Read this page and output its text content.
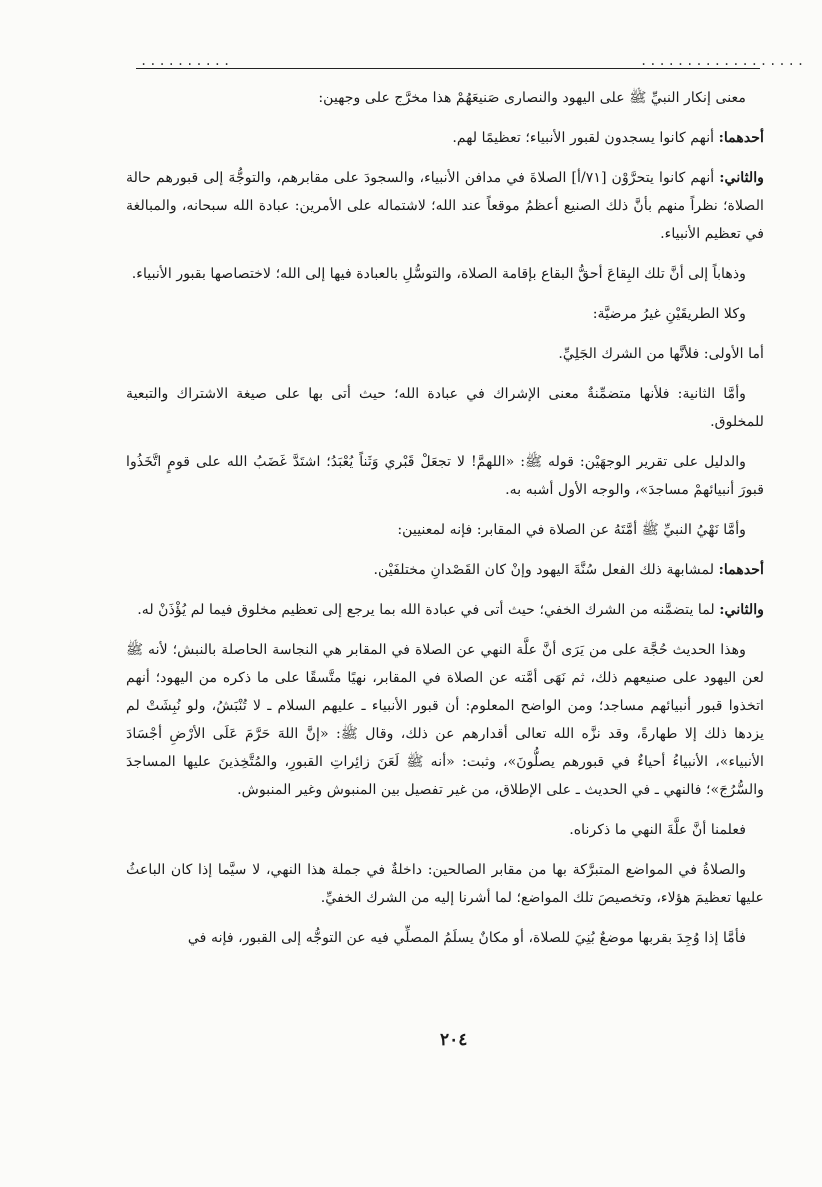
..........	..................

معنى إنكار النبيِّ ﷺ على اليهود والنصارى صَنيعَهُمْ هذا مخرَّج على وجهين:

أحدهما: أنهم كانوا يسجدون لقبور الأنبياء؛ تعظيمًا لهم.

والثاني: أنهم كانوا يتحرَّوْن [٧١/أ] الصلاةَ في مدافن الأنبياء، والسجودَ على مقابرهم، والتوجُّهَ إلى قبورهم حالة الصلاة؛ نظراً منهم بأنَّ ذلك الصنيع أعظمُ موقعاً عند الله؛ لاشتماله على الأمرين: عبادة الله سبحانه، والمبالغة في تعظيم الأنبياء.

وذهاباً إلى أنَّ تلك البِقاعَ أحقُّ البقاع بإقامة الصلاة، والتوسُّلِ بالعبادة فيها إلى الله؛ لاختصاصها بقبور الأنبياء.

وكلا الطريقَيْنِ غيرُ مرضيَّة:

أما الأولى: فلأنَّها من الشرك الجَلِيِّ.

وأمَّا الثانية: فلأنها متضمِّنةٌ معنى الإشراك في عبادة الله؛ حيث أتى بها على صيغة الاشتراك والتبعية للمخلوق.

والدليل على تقرير الوجهَيْن: قوله ﷺ: «اللهمَّ! لا تجعَلْ قَبْري وَثَناً يُعْبَدُ؛ اشتَدَّ غَضَبُ الله على قومٍ اتَّخَذُوا قبورَ أنبيائهمْ مساجدَ»، والوجه الأول أشبه به.

وأمَّا نَهْيُ النبيِّ ﷺ أمَّتَهُ عن الصلاة في المقابر: فإنه لمعنيين:

أحدهما: لمشابهة ذلك الفعل سُنَّةَ اليهود وإنْ كان القَصْدانِ مختلفَيْن.

والثاني: لما يتضمَّنه من الشرك الخفي؛ حيث أتى في عبادة الله بما يرجع إلى تعظيم مخلوق فيما لم يُؤْذَنْ له.

وهذا الحديث حُجَّة على من يَرَى أنَّ علَّة النهي عن الصلاة في المقابر هي النجاسة الحاصلة بالنبش؛ لأنه ﷺ لعن اليهود على صنيعهم ذلك، ثم نَهَى أمَّته عن الصلاة في المقابر، نهيًا متَّسقًا على ما ذكره من اليهود؛ أنهم اتخذوا قبور أنبيائهم مساجد؛ ومن الواضح المعلوم: أن قبور الأنبياء ـ عليهم السلام ـ لا تُنْبَشُ، ولو نُبِشَتْ لم يزدها ذلك إلا طهارةً، وقد نزَّه الله تعالى أقدارهم عن ذلك، وقال ﷺ: «إنَّ اللهَ حَرَّمَ عَلَى الأرْضِ أجْسَادَ الأنبياء»، الأنبياءُ أحياءٌ في قبورهم يصلُّونَ»، وثبت: «أنه ﷺ لَعَنَ زائِراتِ القبورِ، والمُتَّخِذينَ عليها المساجدَ والسُّرُجَ»؛ فالنهي ـ في الحديث ـ على الإطلاق، من غير تفصيل بين المنبوش وغير المنبوش.

فعلمنا أنَّ علَّةَ النهي ما ذكرناه.

والصلاةُ في المواضع المتبرَّكة بها من مقابر الصالحين: داخلةٌ في جملة هذا النهي، لا سيَّما إذا كان الباعثُ عليها تعظيمَ هؤلاء، وتخصيصَ تلك المواضع؛ لما أشرنا إليه من الشرك الخفيِّ.

فأمَّا إذا وُجِدَ بقربها موضعٌ بُنِيَ للصلاة، أو مكانٌ يسلَمُ المصلِّي فيه عن التوجُّه إلى القبور، فإنه في

٢٠٤
